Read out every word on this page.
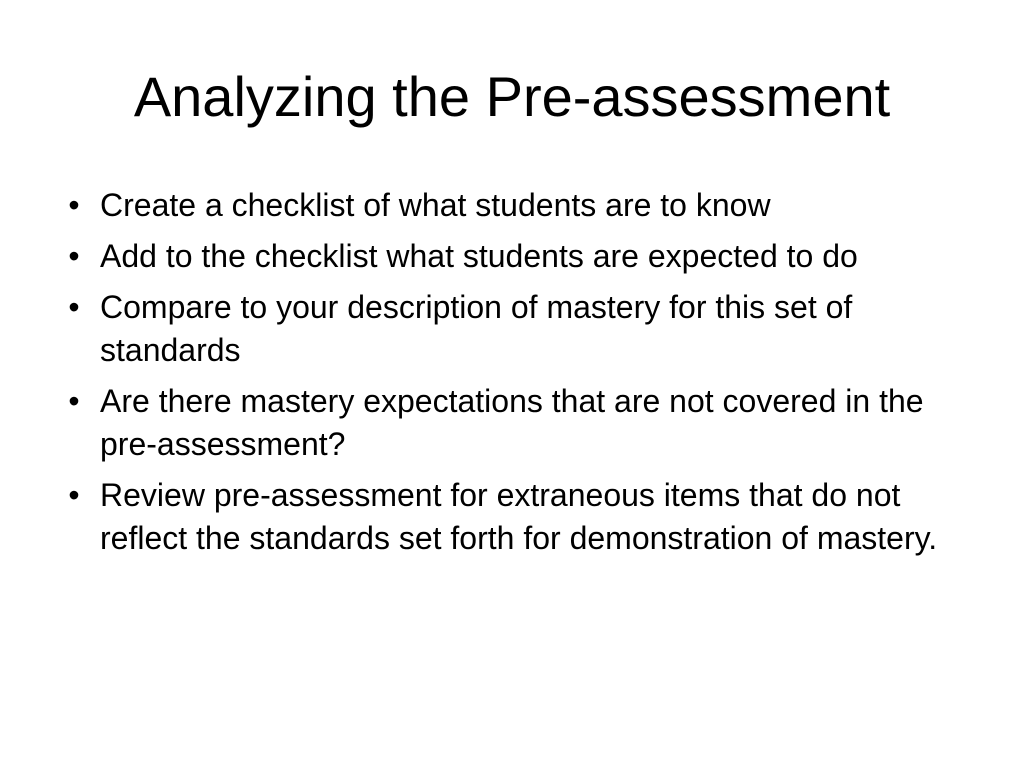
Analyzing the Pre-assessment
• Create a checklist of what students are to know
• Add to the checklist what students are expected to do
• Compare to your description of mastery for this set of standards
• Are there mastery expectations that are not covered in the pre-assessment?
• Review pre-assessment for extraneous items that do not reflect the standards set forth for demonstration of mastery.
